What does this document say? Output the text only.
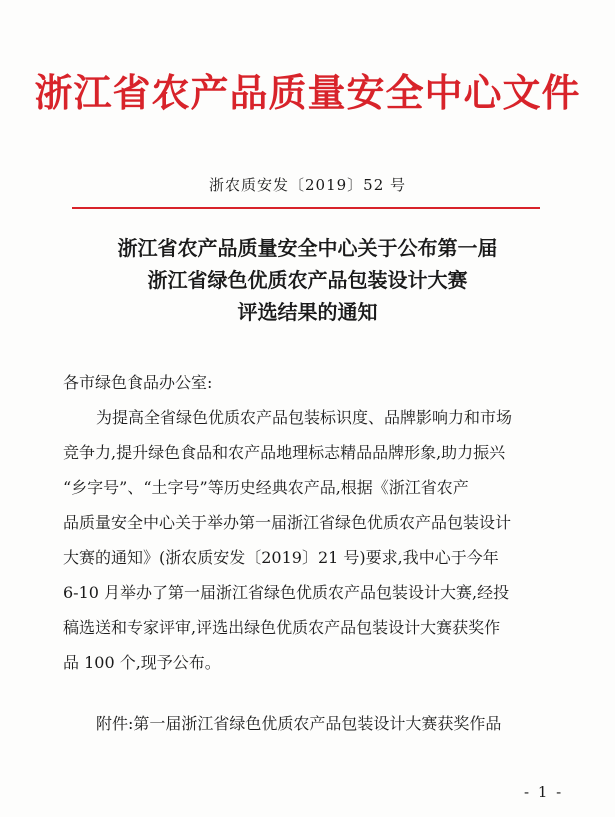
浙江省农产品质量安全中心文件
浙农质安发〔2019〕52 号
浙江省农产品质量安全中心关于公布第一届
浙江省绿色优质农产品包装设计大赛
评选结果的通知
各市绿色食品办公室:
为提高全省绿色优质农产品包装标识度、品牌影响力和市场
竞争力,提升绿色食品和农产品地理标志精品品牌形象,助力振兴
“乡字号”、“土字号”等历史经典农产品,根据《浙江省农产
品质量安全中心关于举办第一届浙江省绿色优质农产品包装设计
大赛的通知》(浙农质安发〔2019〕21 号)要求,我中心于今年
6-10 月举办了第一届浙江省绿色优质农产品包装设计大赛,经投
稿选送和专家评审,评选出绿色优质农产品包装设计大赛获奖作
品 100 个,现予公布。
附件:第一届浙江省绿色优质农产品包装设计大赛获奖作品
- 1 -
